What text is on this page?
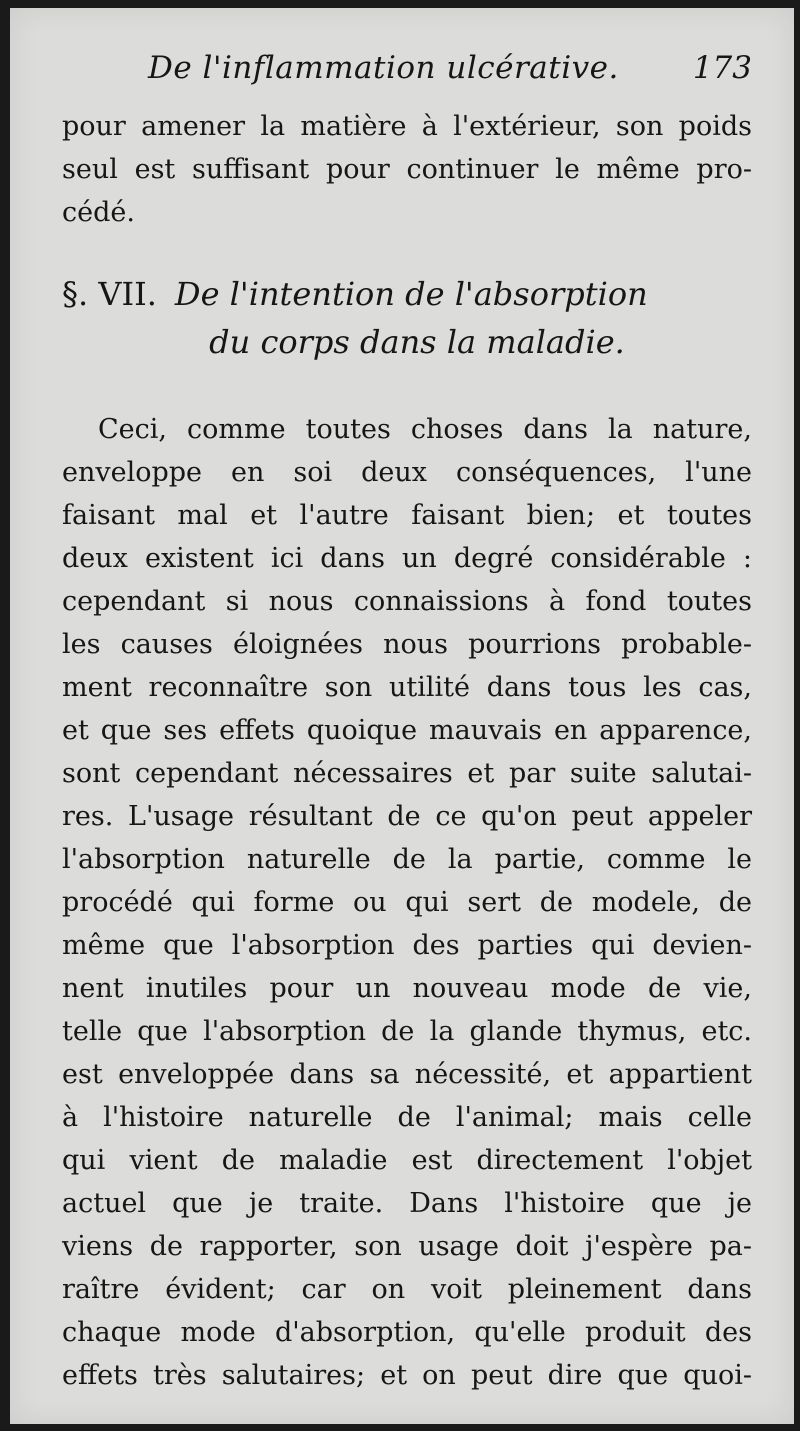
De l'inflammation ulcérative. 173
pour amener la matière à l'extérieur, son poids
seul est suffisant pour continuer le même pro-
cédé.
§. VII. De l'intention de l'absorption
du corps dans la maladie.
Ceci, comme toutes choses dans la nature,
enveloppe en soi deux conséquences, l'une
faisant mal et l'autre faisant bien; et toutes
deux existent ici dans un degré considérable :
cependant si nous connaissions à fond toutes
les causes éloignées nous pourrions probable-
ment reconnaître son utilité dans tous les cas,
et que ses effets quoique mauvais en apparence,
sont cependant nécessaires et par suite salutai-
res. L'usage résultant de ce qu'on peut appeler
l'absorption naturelle de la partie, comme le
procédé qui forme ou qui sert de modele, de
même que l'absorption des parties qui devien-
nent inutiles pour un nouveau mode de vie,
telle que l'absorption de la glande thymus, etc.
est enveloppée dans sa nécessité, et appartient
à l'histoire naturelle de l'animal; mais celle
qui vient de maladie est directement l'objet
actuel que je traite. Dans l'histoire que je
viens de rapporter, son usage doit j'espère pa-
raître évident; car on voit pleinement dans
chaque mode d'absorption, qu'elle produit des
effets très salutaires; et on peut dire que quoi-
